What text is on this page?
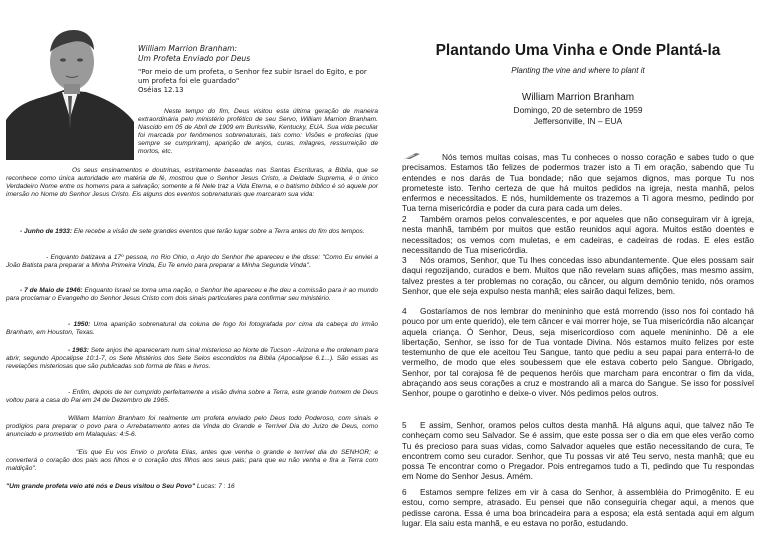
William Marrion Branham:
Um Profeta Enviado por Deus
"Por meio de um profeta, o Senhor fez subir Israel do Egito, e por um profeta foi ele guardado"
Oséias 12.13

Neste tempo do fim, Deus visitou esta última geração de maneira extraordinária pelo ministério profético de seu Servo, William Marrion Branham. Nascido em 05 de Abril de 1909 em Burksville, Kentucky, EUA. Sua vida peculiar foi marcada por fenômenos sobrenaturais, tais como: Visões e profecias (que sempre se cumpriram), aparição de anjos, curas, milagres, ressurreição de mortos, etc.

Os seus ensinamentos e doutrinas, estritamente baseadas nas Santas Escrituras, a Bíblia, que se reconhece como única autoridade em matéria de fé, mostrou que o Senhor Jesus Cristo, a Deidade Suprema, é o único Verdadeiro Nome entre os homens para a salvação; somente a fé Nele traz a Vida Eterna, e o batismo bíblico é só aquele por imersão no Nome do Senhor Jesus Cristo. Eis alguns dos eventos sobrenaturais que marcaram sua vida:

- Junho de 1933: Ele recebe a visão de sete grandes eventos que terão lugar sobre a Terra antes do fim dos tempos.

- Enquanto batizava a 17º pessoa, no Rio Ohio, o Anjo do Senhor lhe apareceu e lhe disse: "Como Eu enviei a João Batista para preparar a Minha Primeira Vinda, Eu Te envio para preparar a Minha Segunda Vinda".

- 7 de Maio de 1946: Enquanto Israel se torna uma nação, o Senhor lhe apareceu e lhe deu a comissão para ir ao mundo para proclamar o Evangelho do Senhor Jesus Cristo com dois sinais particulares para confirmar seu ministério.

- 1950: Uma aparição sobrenatural da coluna de fogo foi fotografada por cima da cabeça do irmão Branham, em Houston, Texas.

- 1963: Sete anjos lhe apareceram num sinal misterioso ao Norte de Tucson - Arizona e lhe ordenam para abrir, segundo Apocalipse 10:1-7, os Sete Mistérios dos Sete Selos escondidos na Bíblia (Apocalipse 6.1...). São essas as revelações misteriosas que são publicadas sob forma de fitas e livros.

- Enfim, depois de ter cumprido perfeitamente a visão divina sobre a Terra, este grande homem de Deus voltou para a casa do Pai em 24 de Dezembro de 1965.

William Marrion Branham foi realmente um profeta enviado pelo Deus todo Poderoso, com sinais e prodígios para preparar o povo para o Arrebatamento antes da Vinda do Grande e Terrível Dia do Juízo de Deus, como anunciado e prometido em Malaquias: 4:5-6.

"Eis que Eu vos Envio o profeta Elias, antes que venha o grande e terrível dia do SENHOR; e converterá o coração dos pais aos filhos e o coração dos filhos aos seus pais; para que eu não venha e fira a Terra com maldição".

"Um grande profeta veio até nós e Deus visitou o Seu Povo" Lucas: 7 : 16

Plantando Uma Vinha e Onde Plantá-la
Planting the vine and where to plant it
William Marrion Branham
Domingo, 20 de setembro de 1959
Jeffersonville, IN – EUA

Nós temos muitas coisas, mas Tu conheces o nosso coração e sabes tudo o que precisamos. Estamos tão felizes de podermos trazer isto a Ti em oração, sabendo que Tu entendes e nos darás de Tua bondade; não que sejamos dignos, mas porque Tu nos prometeste isto. Tenho certeza de que há muitos pedidos na igreja, nesta manhã, pelos enfermos e necessitados. E nós, humildemente os trazemos a Ti agora mesmo, pedindo por Tua terna misericórdia e poder da cura para cada um deles.

2 Também oramos pelos convalescentes, e por aqueles que não conseguiram vir à igreja, nesta manhã, também por muitos que estão reunidos aqui agora. Muitos estão doentes e necessitados; os vemos com muletas, e em cadeiras, e cadeiras de rodas. E eles estão necessitando de Tua misericórdia.

3 Nós oramos, Senhor, que Tu lhes concedas isso abundantemente. Que eles possam sair daqui regozijando, curados e bem. Muitos que não revelam suas aflições, mas mesmo assim, talvez prestes a ter problemas no coração, ou câncer, ou algum demônio tenido, nós oramos Senhor, que ele seja expulso nesta manhã; eles sairão daqui felizes, bem.

4 Gostaríamos de nos lembrar do menininho que está morrendo (isso nos foi contado há pouco por um ente querido), ele tem câncer e vai morrer hoje, se Tua misericórdia não alcançar aquela criança. Ó Senhor, Deus, seja misericordioso com aquele menininho. Dê a ele libertação, Senhor, se isso for de Tua vontade Divina. Nós estamos muito felizes por este testemunho de que ele aceitou Teu Sangue, tanto que pediu a seu papai para enterrá-lo de vermelho, de modo que eles soubessem que ele estava coberto pelo Sangue. Obrigado, Senhor, por tal corajosa fé de pequenos heróis que marcham para encontrar o fim da vida, abraçando aos seus corações a cruz e mostrando ali a marca do Sangue. Se isso for possível Senhor, poupe o garotinho e deixe-o viver. Nós pedimos pelos outros.

5 E assim, Senhor, oramos pelos cultos desta manhã. Há alguns aqui, que talvez não Te conheçam como seu Salvador. Se é assim, que este possa ser o dia em que eles verão como Tu és precioso para suas vidas, como Salvador aqueles que estão necessitando de cura, Te encontrem como seu curador. Senhor, que Tu possas vir até Teu servo, nesta manhã; que eu possa Te encontrar como o Pregador. Pois entregamos tudo a Ti, pedindo que Tu respondas em Nome do Senhor Jesus. Amém.

6 Estamos sempre felizes em vir à casa do Senhor, à assembléia do Primogênito. E eu estou, como sempre, atrasado. Eu pensei que não conseguiria chegar aqui, a menos que pedisse carona. Essa é uma boa brincadeira para a esposa; ela está sentada aqui em algum lugar. Ela saiu esta manhã, e eu estava no porão, estudando.
